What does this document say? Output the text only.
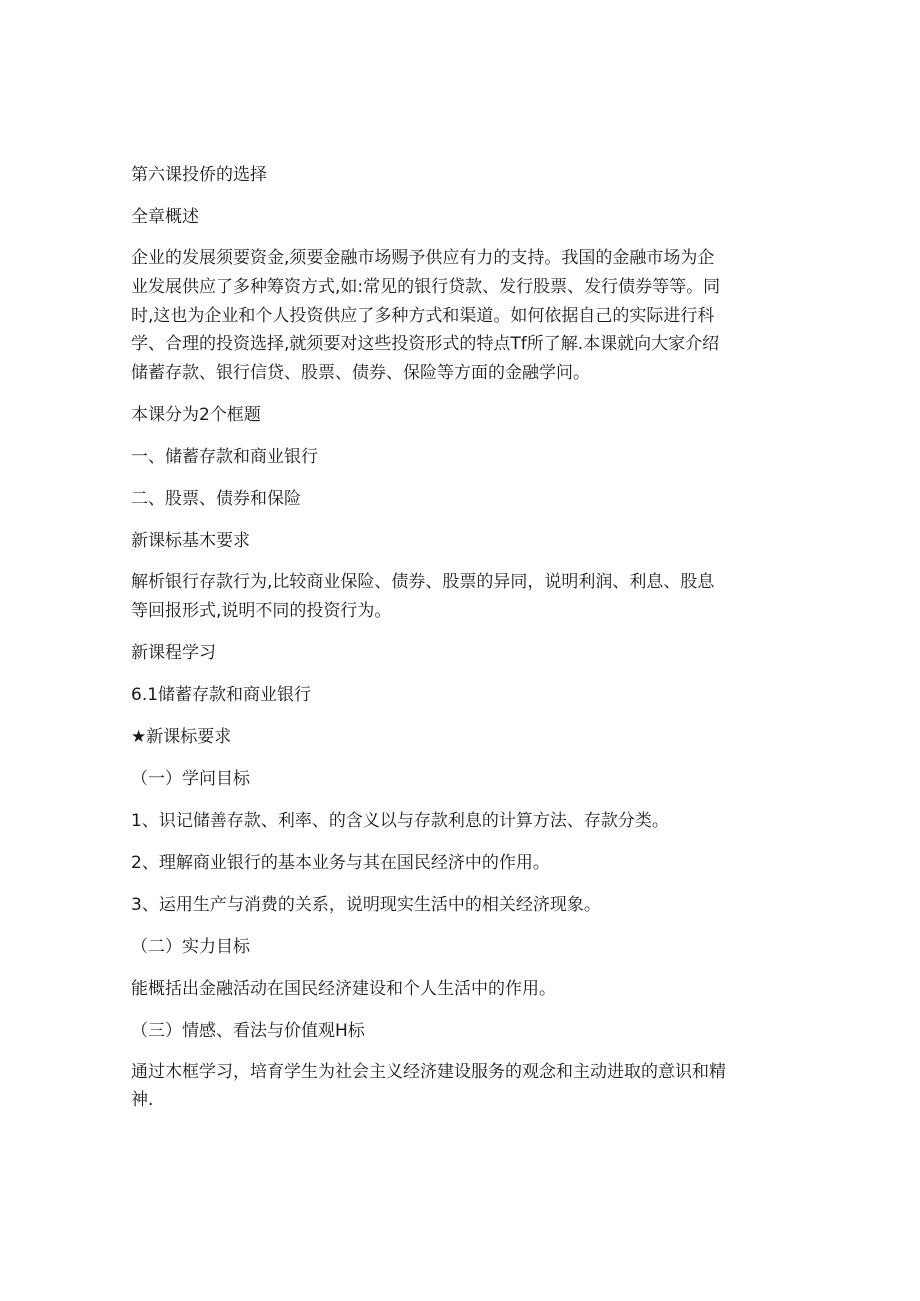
第六课投侨的选择
全章概述
企业的发展须要资金,须要金融市场赐予供应有力的支持。我国的金融市场为企
业发展供应了多种筹资方式,如:常见的银行贷款、发行股票、发行债券等等。同
时,这也为企业和个人投资供应了多种方式和渠道。如何依据自己的实际进行科
学、合理的投资选择,就须要对这些投资形式的特点Tf所了解.本课就向大家介绍
储蓄存款、银行信贷、股票、债券、保险等方面的金融学问。
本课分为2个框题
一、储蓄存款和商业银行
二、股票、债券和保险
新课标基木要求
解析银行存款行为,比较商业保险、债券、股票的异同，说明利润、利息、股息
等回报形式,说明不同的投资行为。
新课程学习
6.1储蓄存款和商业银行
★新课标要求
（一）学问目标
1、识记储善存款、利率、的含义以与存款利息的计算方法、存款分类。
2、理解商业银行的基本业务与其在国民经济中的作用。
3、运用生产与消费的关系，说明现实生活中的相关经济现象。
（二）实力目标
能概括出金融活动在国民经济建设和个人生活中的作用。
（三）情感、看法与价值观H标
通过木框学习，培育学生为社会主义经济建设服务的观念和主动进取的意识和精
神.
